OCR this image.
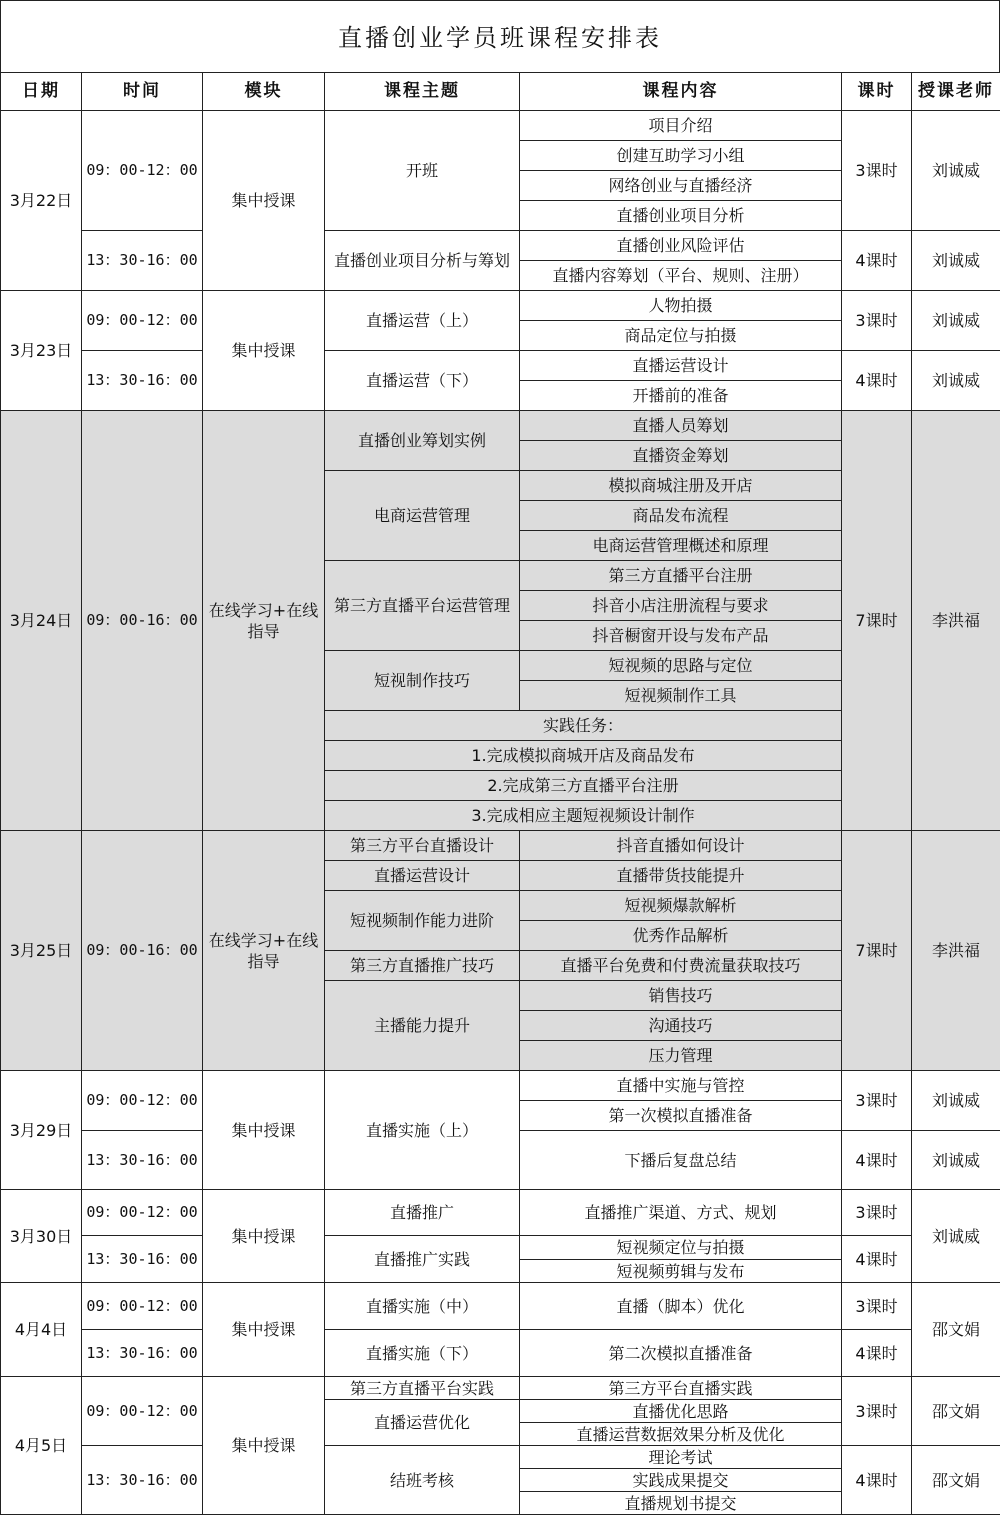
直播创业学员班课程安排表
日期	时间	模块	课程主题	课程内容	课时	授课老师
3月22日	09：00-12：00	集中授课	开班	项目介绍	3课时	刘诚威
				创建互助学习小组		
				网络创业与直播经济		
				直播创业项目分析		
	13：30-16：00		直播创业项目分析与筹划	直播创业风险评估	4课时	刘诚威
				直播内容筹划（平台、规则、注册）		
3月23日	09：00-12：00	集中授课	直播运营（上）	人物拍摄	3课时	刘诚威
				商品定位与拍摄		
	13：30-16：00		直播运营（下）	直播运营设计	4课时	刘诚威
				开播前的准备		
3月24日	09：00-16：00	在线学习+在线指导	直播创业筹划实例	直播人员筹划	7课时	李洪福
				直播资金筹划		
			电商运营管理	模拟商城注册及开店		
				商品发布流程		
				电商运营管理概述和原理		
			第三方直播平台运营管理	第三方直播平台注册		
				抖音小店注册流程与要求		
				抖音橱窗开设与发布产品		
			短视制作技巧	短视频的思路与定位		
				短视频制作工具		
			实践任务：			
			1.完成模拟商城开店及商品发布			
			2.完成第三方直播平台注册			
			3.完成相应主题短视频设计制作			
3月25日	09：00-16：00	在线学习+在线指导	第三方平台直播设计	抖音直播如何设计	7课时	李洪福
			直播运营设计	直播带货技能提升		
			短视频制作能力进阶	短视频爆款解析		
				优秀作品解析		
			第三方直播推广技巧	直播平台免费和付费流量获取技巧		
			主播能力提升	销售技巧		
				沟通技巧		
				压力管理		
3月29日	09：00-12：00	集中授课	直播实施（上）	直播中实施与管控	3课时	刘诚威
				第一次模拟直播准备		
	13：30-16：00			下播后复盘总结	4课时	刘诚威
3月30日	09：00-12：00	集中授课	直播推广	直播推广渠道、方式、规划	3课时	刘诚威
	13：30-16：00		直播推广实践	短视频定位与拍摄	4课时	
				短视频剪辑与发布		
4月4日	09：00-12：00	集中授课	直播实施（中）	直播（脚本）优化	3课时	邵文娟
	13：30-16：00		直播实施（下）	第二次模拟直播准备	4课时	
4月5日	09：00-12：00	集中授课	第三方直播平台实践	第三方平台直播实践	3课时	邵文娟
			直播运营优化	直播优化思路		
				直播运营数据效果分析及优化		
	13：30-16：00		结班考核	理论考试	4课时	邵文娟
				实践成果提交		
				直播规划书提交		
